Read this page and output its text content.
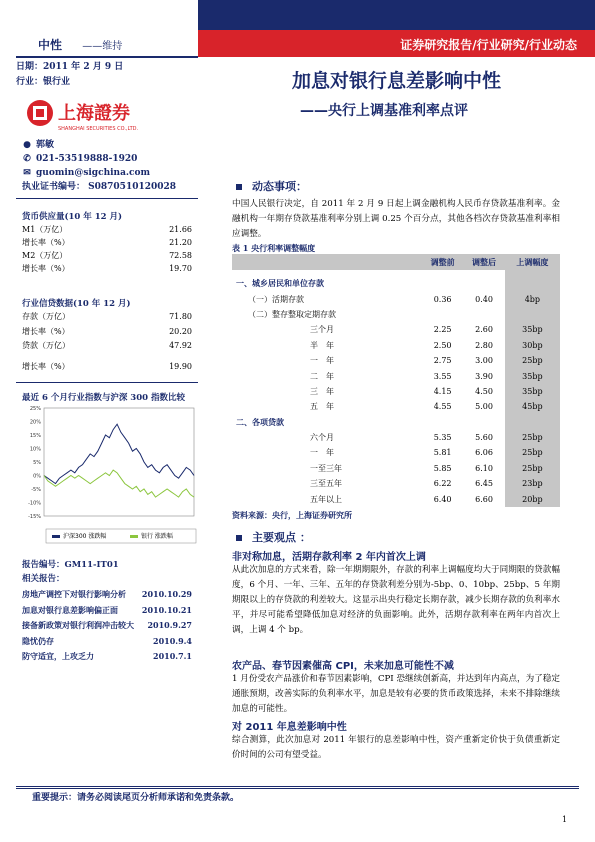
证券研究报告/行业研究/行业动态
中性 ——维持
日期：2011 年 2 月 9 日
行业：银行业	加息对银行息差影响中性
——央行上调基准利率点评
上海證券
SHANGHAI SECURITIES CO.,LTD.
● 郭敏
✆ 021-53519888-1920
✉ guomin@sigchina.com
执业证书编号： S0870510120028
货币供应量(10 年 12 月)
M1（万亿）	21.66
增长率（%）	21.20
M2（万亿）	72.58
增长率（%）	19.70
行业信贷数据(10 年 12 月)
存款（万亿）	71.80
增长率（%）	20.20
贷款（万亿）	47.92
增长率（%）	19.90
最近 6 个月行业指数与沪深 300 指数比较
25%
20%
15%
10%
5%
0%
-5%
-10%
-15%
沪深300 涨跌幅	银行 涨跌幅
报告编号：GM11-IT01
相关报告：
房地产调控下对银行影响分析 2010.10.29
加息对银行息差影响偏正面	2010.10.21
接备新政策对银行利润冲击较大 2010.9.27
隐忧仍存	2010.9.4
防守适宜，上攻乏力	2010.7.1
动态事项：
中国人民银行决定，自 2011 年 2 月 9 日起上调金融机构人民币存贷款基准利率。金融机构一年期存贷款基准利率分别上调 0.25 个百分点，其他各档次存贷款基准利率相应调整。
表 1 央行利率调整幅度
	调整前	调整后	上调幅度

一、城乡居民和单位存款			
（一）活期存款	0.36	0.40	4bp
（二）整存整取定期存款			
三个月	2.25	2.60	35bp
半　年	2.50	2.80	30bp
一　年	2.75	3.00	25bp
二　年	3.55	3.90	35bp
三　年	4.15	4.50	35bp
五　年	4.55	5.00	45bp
二、各项贷款			
六个月	5.35	5.60	25bp
一　年	5.81	6.06	25bp
一至三年	5.85	6.10	25bp
三至五年	6.22	6.45	23bp
五年以上	6.40	6.60	20bp
资料来源：央行，上海证券研究所
主要观点 ：
非对称加息，活期存款利率 2 年内首次上调
从此次加息的方式来看，除一年期期限外，存款的利率上调幅度均大于同期限的贷款幅度，6 个月、一年、三年、五年的存贷款利差分别为-5bp、0、10bp、25bp、5 年期期限以上的存贷款的利差较大。这显示出央行稳定长期存款，减少长期存款的负利率水平，并尽可能希望降低加息对经济的负面影响。此外，活期存款利率在两年内首次上调，上调 4 个 bp。
农产品、春节因素催高 CPI，未来加息可能性不减
1 月份受农产品涨价和春节因素影响，CPI 恐继续创新高，并达到年内高点，为了稳定通胀预期，改善实际的负利率水平，加息是较有必要的货币政策选择，未来不排除继续加息的可能性。
对 2011 年息差影响中性
综合测算，此次加息对 2011 年银行的息差影响中性，资产重新定价快于负债重新定价时间的公司有望受益。
重要提示：请务必阅读尾页分析师承诺和免责条款。
1
